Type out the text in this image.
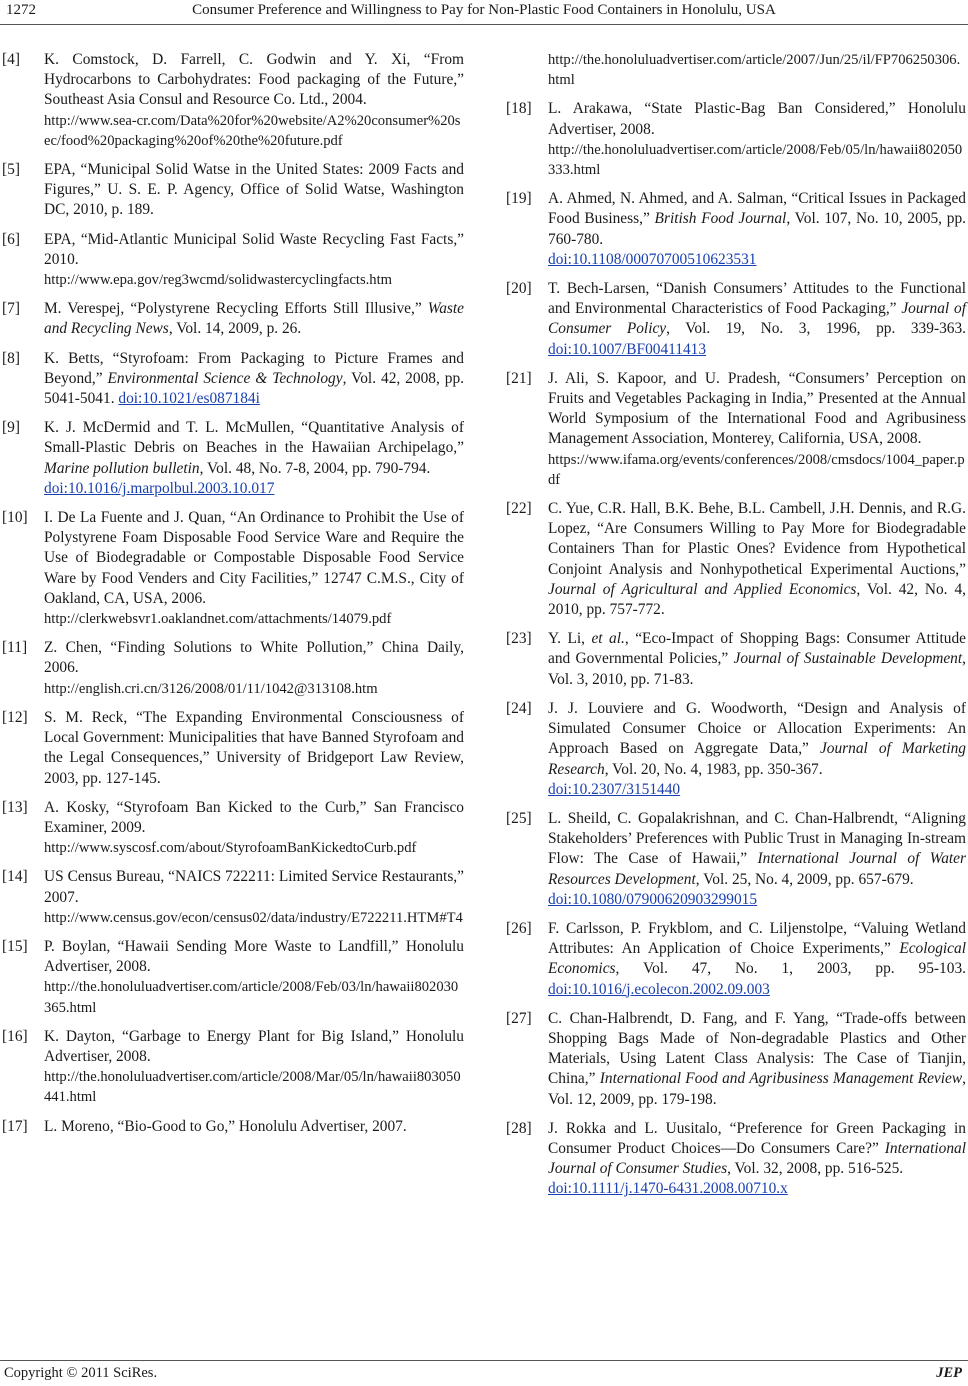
1272	Consumer Preference and Willingness to Pay for Non-Plastic Food Containers in Honolulu, USA
[4] K. Comstock, D. Farrell, C. Godwin and Y. Xi, “From Hydrocarbons to Carbohydrates: Food packaging of the Future,” Southeast Asia Consul and Resource Co. Ltd., 2004.
http://www.sea-cr.com/Data%20for%20website/A2%20consumer%20sec/food%20packaging%20of%20the%20future.pdf
[5] EPA, “Municipal Solid Watse in the United States: 2009 Facts and Figures,” U. S. E. P. Agency, Office of Solid Watse, Washington DC, 2010, p. 189.
[6] EPA, “Mid-Atlantic Municipal Solid Waste Recycling Fast Facts,” 2010.
http://www.epa.gov/reg3wcmd/solidwastercyclingfacts.htm
[7] M. Verespej, “Polystyrene Recycling Efforts Still Illusive,” Waste and Recycling News, Vol. 14, 2009, p. 26.
[8] K. Betts, “Styrofoam: From Packaging to Picture Frames and Beyond,” Environmental Science & Technology, Vol. 42, 2008, pp. 5041-5041. doi:10.1021/es087184i
[9] K. J. McDermid and T. L. McMullen, “Quantitative Analysis of Small-Plastic Debris on Beaches in the Hawaiian Archipelago,” Marine pollution bulletin, Vol. 48, No. 7-8, 2004, pp. 790-794.
doi:10.1016/j.marpolbul.2003.10.017
[10] I. De La Fuente and J. Quan, “An Ordinance to Prohibit the Use of Polystyrene Foam Disposable Food Service Ware and Require the Use of Biodegradable or Compostable Disposable Food Service Ware by Food Venders and City Facilities,” 12747 C.M.S., City of Oakland, CA, USA, 2006.
http://clerkwebsvr1.oaklandnet.com/attachments/14079.pdf
[11] Z. Chen, “Finding Solutions to White Pollution,” China Daily, 2006.
http://english.cri.cn/3126/2008/01/11/1042@313108.htm
[12] S. M. Reck, “The Expanding Environmental Consciousness of Local Government: Municipalities that have Banned Styrofoam and the Legal Consequences,” University of Bridgeport Law Review, 2003, pp. 127-145.
[13] A. Kosky, “Styrofoam Ban Kicked to the Curb,” San Francisco Examiner, 2009.
http://www.syscosf.com/about/StyrofoamBanKickedtoCurb.pdf
[14] US Census Bureau, “NAICS 722211: Limited Service Restaurants,” 2007.
http://www.census.gov/econ/census02/data/industry/E722211.HTM#T4
[15] P. Boylan, “Hawaii Sending More Waste to Landfill,” Honolulu Advertiser, 2008.
http://the.honoluluadvertiser.com/article/2008/Feb/03/ln/hawaii802030365.html
[16] K. Dayton, “Garbage to Energy Plant for Big Island,” Honolulu Advertiser, 2008.
http://the.honoluluadvertiser.com/article/2008/Mar/05/ln/hawaii803050441.html
[17] L. Moreno, “Bio-Good to Go,” Honolulu Advertiser, 2007.
http://the.honoluluadvertiser.com/article/2007/Jun/25/il/FP706250306.html
[18] L. Arakawa, “State Plastic-Bag Ban Considered,” Honolulu Advertiser, 2008.
http://the.honoluluadvertiser.com/article/2008/Feb/05/ln/hawaii802050333.html
[19] A. Ahmed, N. Ahmed, and A. Salman, “Critical Issues in Packaged Food Business,” British Food Journal, Vol. 107, No. 10, 2005, pp. 760-780.
doi:10.1108/00070700510623531
[20] T. Bech-Larsen, “Danish Consumers’ Attitudes to the Functional and Environmental Characteristics of Food Packaging,” Journal of Consumer Policy, Vol. 19, No. 3, 1996, pp. 339-363. doi:10.1007/BF00411413
[21] J. Ali, S. Kapoor, and U. Pradesh, “Consumers’ Perception on Fruits and Vegetables Packaging in India,” Presented at the Annual World Symposium of the International Food and Agribusiness Management Association, Monterey, California, USA, 2008.
https://www.ifama.org/events/conferences/2008/cmsdocs/1004_paper.pdf
[22] C. Yue, C.R. Hall, B.K. Behe, B.L. Cambell, J.H. Dennis, and R.G. Lopez, “Are Consumers Willing to Pay More for Biodegradable Containers Than for Plastic Ones? Evidence from Hypothetical Conjoint Analysis and Nonhypothetical Experimental Auctions,” Journal of Agricultural and Applied Economics, Vol. 42, No. 4, 2010, pp. 757-772.
[23] Y. Li, et al., “Eco-Impact of Shopping Bags: Consumer Attitude and Governmental Policies,” Journal of Sustainable Development, Vol. 3, 2010, pp. 71-83.
[24] J. J. Louviere and G. Woodworth, “Design and Analysis of Simulated Consumer Choice or Allocation Experiments: An Approach Based on Aggregate Data,” Journal of Marketing Research, Vol. 20, No. 4, 1983, pp. 350-367.
doi:10.2307/3151440
[25] L. Sheild, C. Gopalakrishnan, and C. Chan-Halbrendt, “Aligning Stakeholders’ Preferences with Public Trust in Managing In-stream Flow: The Case of Hawaii,” International Journal of Water Resources Development, Vol. 25, No. 4, 2009, pp. 657-679.
doi:10.1080/07900620903299015
[26] F. Carlsson, P. Frykblom, and C. Liljenstolpe, “Valuing Wetland Attributes: An Application of Choice Experiments,” Ecological Economics, Vol. 47, No. 1, 2003, pp. 95-103. doi:10.1016/j.ecolecon.2002.09.003
[27] C. Chan-Halbrendt, D. Fang, and F. Yang, “Trade-offs between Shopping Bags Made of Non-degradable Plastics and Other Materials, Using Latent Class Analysis: The Case of Tianjin, China,” International Food and Agribusiness Management Review, Vol. 12, 2009, pp. 179-198.
[28] J. Rokka and L. Uusitalo, “Preference for Green Packaging in Consumer Product Choices—Do Consumers Care?” International Journal of Consumer Studies, Vol. 32, 2008, pp. 516-525.
doi:10.1111/j.1470-6431.2008.00710.x
Copyright © 2011 SciRes.	JEP
